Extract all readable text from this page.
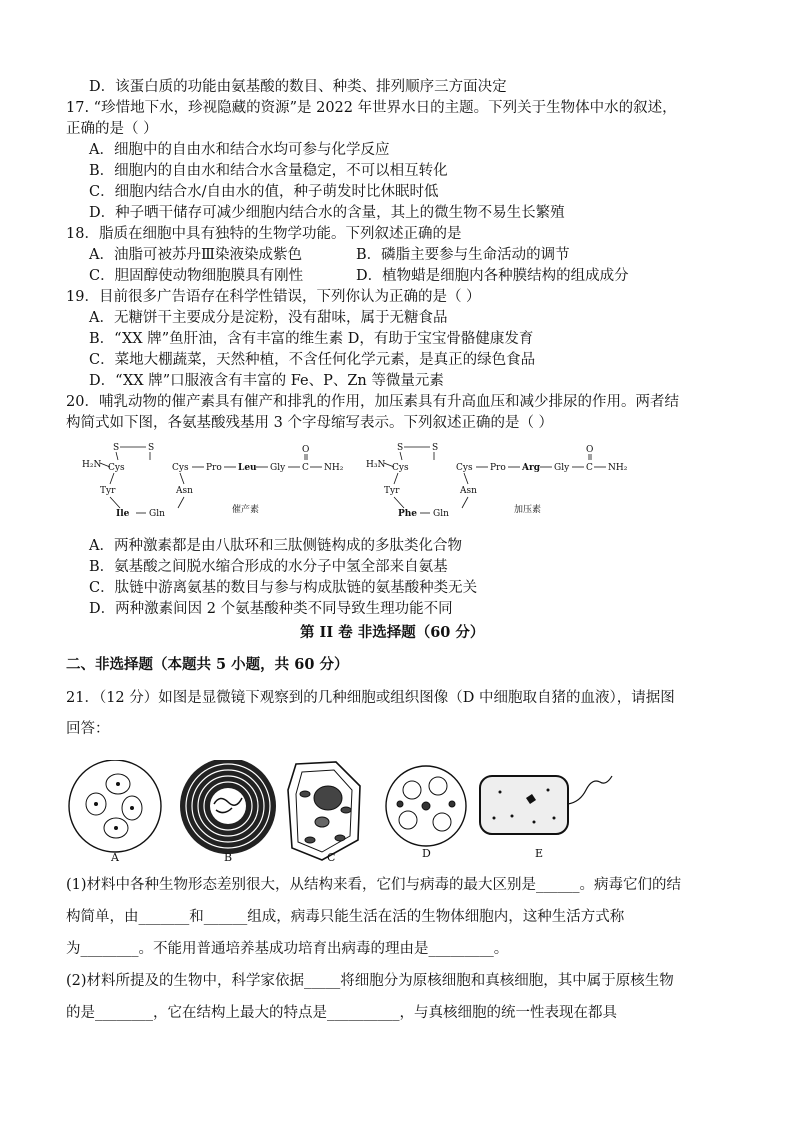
D．该蛋白质的功能由氨基酸的数目、种类、排列顺序三方面决定
17. “珍惜地下水，珍视隐藏的资源”是 2022 年世界水日的主题。下列关于生物体中水的叙述，
正确的是（ ）
A．细胞中的自由水和结合水均可参与化学反应
B．细胞内的自由水和结合水含量稳定，不可以相互转化
C．细胞内结合水/自由水的值，种子萌发时比休眠时低
D．种子晒干储存可减少细胞内结合水的含量，其上的微生物不易生长繁殖
18．脂质在细胞中具有独特的生物学功能。下列叙述正确的是
A．油脂可被苏丹Ⅲ染液染成紫色	B．磷脂主要参与生命活动的调节
C．胆固醇使动物细胞膜具有刚性	D．植物蜡是细胞内各种膜结构的组成成分
19．目前很多广告语存在科学性错误，下列你认为正确的是（ ）
A．无糖饼干主要成分是淀粉，没有甜味，属于无糖食品
B．“XX 牌”鱼肝油，含有丰富的维生素 D，有助于宝宝骨骼健康发育
C．菜地大棚蔬菜，天然种植，不含任何化学元素，是真正的绿色食品
D．“XX 牌”口服液含有丰富的 Fe、P、Zn 等微量元素
20．哺乳动物的催产素具有催产和排乳的作用，加压素具有升高血压和减少排尿的作用。两者结
构简式如下图，各氨基酸残基用 3 个字母缩写表示。下列叙述正确的是（ ）
H₂N
S	S
Cys	Cys Pro Leu Gly C
O
NH₂
Tyr	Asn
Ile Gln	催产素
H₃N
S	S
Cys	Cys Pro Arg Gly C
O
NH₂
Tyr	Asn
Phe Gln	加压素
A．两种激素都是由八肽环和三肽侧链构成的多肽类化合物
B．氨基酸之间脱水缩合形成的水分子中氢全部来自氨基
C．肽链中游离氨基的数目与参与构成肽链的氨基酸种类无关
D．两种激素间因 2 个氨基酸种类不同导致生理功能不同
第 II 卷 非选择题（60 分）
二、非选择题（本题共 5 小题，共 60 分）
21．（12 分）如图是显微镜下观察到的几种细胞或组织图像（D 中细胞取自猪的血液），请据图
回答：
A	B	C	D	E
(1)材料中各种生物形态差别很大，从结构来看，它们与病毒的最大区别是______。病毒它们的结
构简单，由_______和______组成，病毒只能生活在活的生物体细胞内，这种生活方式称
为________。不能用普通培养基成功培育出病毒的理由是_________。
(2)材料所提及的生物中，科学家依据_____将细胞分为原核细胞和真核细胞，其中属于原核生物
的是________，它在结构上最大的特点是__________，与真核细胞的统一性表现在都具
